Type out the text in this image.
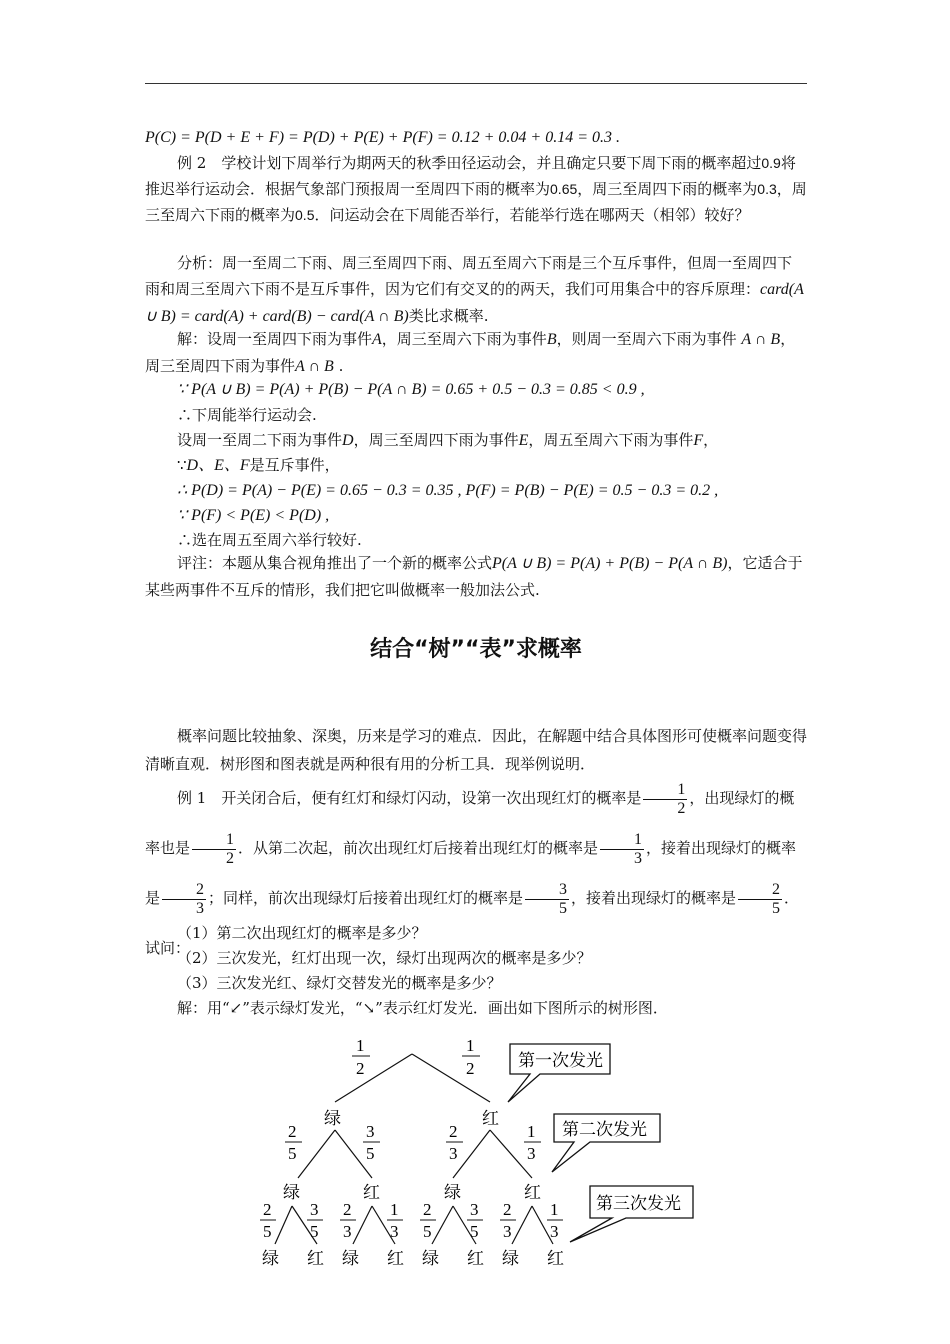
P(C) = P(D + E + F) = P(D) + P(E) + P(F) = 0.12 + 0.04 + 0.14 = 0.3 .

例 2　 学校计划下周举行为期两天的秋季田径运动会，并且确定只要下周下雨的概率超过0.9将推迟举行运动会．根据气象部门预报周一至周四下雨的概率为0.65，周三至周四下雨的概率为0.3，周三至周六下雨的概率为0.5．问运动会在下周能否举行，若能举行选在哪两天（相邻）较好？

分析：周一至周二下雨、周三至周四下雨、周五至周六下雨是三个互斥事件，但周一至周四下雨和周三至周六下雨不是互斥事件，因为它们有交叉的的两天，我们可用集合中的容斥原理：card(A ∪ B) = card(A) + card(B) − card(A ∩ B)类比求概率.

解：设周一至周四下雨为事件A，周三至周六下雨为事件B，则周一至周六下雨为事件 A ∩ B，周三至周四下雨为事件A ∩ B .

∵ P(A ∪ B) = P(A) + P(B) − P(A ∩ B) = 0.65 + 0.5 − 0.3 = 0.85 < 0.9 ,

∴下周能举行运动会.

设周一至周二下雨为事件D，周三至周四下雨为事件E，周五至周六下雨为事件F，

∵D、E、F是互斥事件，

∴ P(D) = P(A) − P(E) = 0.65 − 0.3 = 0.35 , P(F) = P(B) − P(E) = 0.5 − 0.3 = 0.2 ,

∵ P(F) < P(E) < P(D) ,

∴选在周五至周六举行较好.

评注：本题从集合视角推出了一个新的概率公式P(A ∪ B) = P(A) + P(B) − P(A ∩ B)，它适合于某些两事件不互斥的情形，我们把它叫做概率一般加法公式.

结合“树”“表”求概率

概率问题比较抽象、深奥，历来是学习的难点．因此，在解题中结合具体图形可使概率问题变得清晰直观．树形图和图表就是两种很有用的分析工具．现举例说明．

例 1　 开关闭合后，便有红灯和绿灯闪动，设第一次出现红灯的概率是 $\frac{1}{2}$ ，出现绿灯的概率也是 $\frac{1}{2}$ ．从第二次起，前次出现红灯后接着出现红灯的概率是 $\frac{1}{3}$ ，接着出现绿灯的概率是 $\frac{2}{3}$ ；同样，前次出现绿灯后接着出现红灯的概率是 $\frac{3}{5}$ ，接着出现绿灯的概率是 $\frac{2}{5}$ ．试问：

（1）第二次出现红灯的概率是多少？

（2）三次发光，红灯出现一次，绿灯出现两次的概率是多少？

（3）三次发光红、绿灯交替发光的概率是多少？

解：用“↙”表示绿灯发光，“↘”表示红灯发光．画出如下图所示的树形图．

1
2
1
2
绿	红
2
5
3
5
2
3
1
3
绿	红	绿	红
2
5
3
5
2
3
1
3
2
5
3
5
2
3
1
3
绿 红 绿 红 绿 红 绿 红
第一次发光
第二次发光
第三次发光
